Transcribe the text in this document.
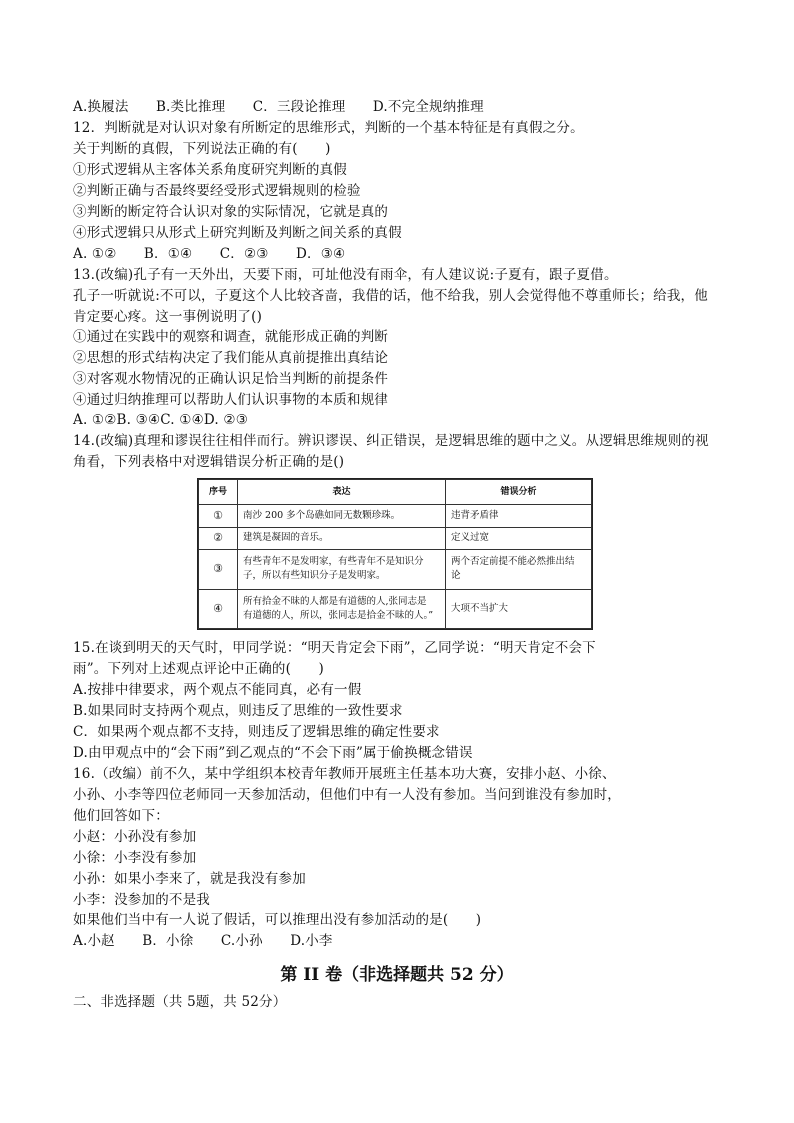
A.换履法　　B.类比推理　　C．三段论推理　　D.不完全规纳推理
12．判断就是对认识对象有所断定的思维形式，判断的一个基本特征是有真假之分。
关于判断的真假，下列说法正确的有(　　)
①形式逻辑从主客体关系角度研究判断的真假
②判断正确与否最终要经受形式逻辑规则的检验
③判断的断定符合认识对象的实际情况，它就是真的
④形式逻辑只从形式上研究判断及判断之间关系的真假
A. ①②　　B．①④　　C．②③　　D．③④
13.(改编)孔子有一天外出，天要下雨，可址他没有雨伞，有人建议说:子夏有，跟子夏借。
孔子一听就说:不可以，子夏这个人比较吝啬，我借的话，他不给我，别人会觉得他不尊重师长；给我，他
肯定要心疼。这一事例说明了()
①通过在实践中的观察和调查，就能形成正确的判断
②思想的形式结构决定了我们能从真前提推出真结论
③对客观水物情况的正确认识足恰当判断的前提条件
④通过归纳推理可以帮助人们认识事物的本质和规律
A. ①②B. ③④C. ①④D. ②③
14.(改编)真理和谬误往往相伴而行。辨识谬误、纠正错误，是逻辑思维的题中之义。从逻辑思维规则的视
角看，下列表格中对逻辑错误分析正确的是()
序号	表达	错误分析
①	南沙 200 多个岛礁如同无数颗珍珠。	违背矛盾律
②	建筑是凝固的音乐。	定义过宽
③	有些青年不是发明家，有些青年不是知识分
子，所以有些知识分子是发明家。	两个否定前提不能必然推出结
论
④	所有拾金不昧的人都是有道德的人,张同志是
有道德的人，所以，张同志是拾金不昧的人。”	大项不当扩大
15.在谈到明天的天气时，甲同学说：“明天肯定会下雨”，乙同学说：“明天肯定不会下
雨”。下列对上述观点评论中正确的(　　)
A.按排中律要求，两个观点不能同真，必有一假
B.如果同时支持两个观点，则违反了思维的一致性要求
C．如果两个观点都不支持，则违反了逻辑思维的确定性要求
D.由甲观点中的“会下雨”到乙观点的“不会下雨”属于偷换概念错误
16.（改编）前不久，某中学组织本校青年教师开展班主任基本功大赛，安排小赵、小徐、
小孙、小李等四位老师同一天参加活动，但他们中有一人没有参加。当问到谁没有参加时，
他们回答如下：
小赵：小孙没有参加
小徐：小李没有参加
小孙：如果小李来了，就是我没有参加
小李：没参加的不是我
如果他们当中有一人说了假话，可以推理出没有参加活动的是(　　)
A.小赵　　B．小徐　　C.小孙　　D.小李
第 II 卷（非选择题共 52 分）
二、非选择题（共 5题，共 52分）
